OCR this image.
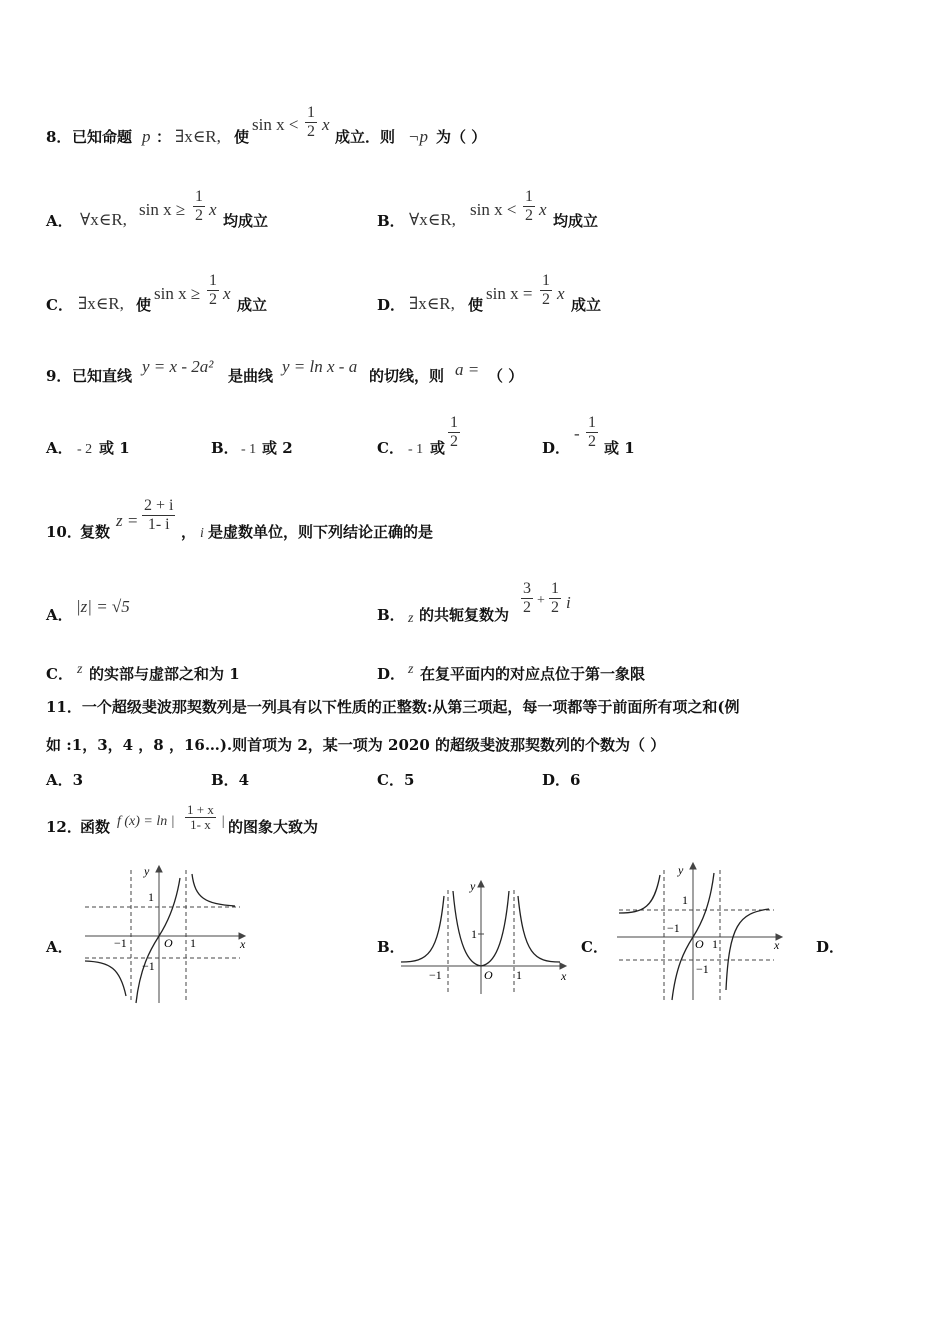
8． 已知命题 p ： ∃x∈R, 使
$\sin x < \frac{1}{2}$ x
成立．则 ¬p 为（ ）
A． ∀x∈R,
$\sin x \ge \frac{1}{2}$ x
均成立	B． ∀x∈R,
$\sin x < \frac{1}{2}$ x
均成立
C． ∃x∈R, 使
$\sin x \ge \frac{1}{2}$ x
成立	D． ∃x∈R, 使
$\sin x = \frac{1}{2}$ x
成立
9． 已知直线 y = x - 2a² 是曲线 y = ln x - a 的切线，则 a = （ ）
A． - 2 或 1	B． - 1 或 2	C． - 1 或 $\frac{1}{2}$	D．
- $\frac{1}{2}$ 或 1
10．
复数
$z = \frac{2 + i}{1- i}$ ， i 是虚数单位，则下列结论正确的是
A． |z| = √5	B． z 的共轭复数为 $\frac{3}{2} + \frac{1}{2}$ i
C． z 的实部与虚部之和为 1	D． z 在复平面内的对应点位于第一象限
11．一个超级斐波那契数列是一列具有以下性质的正整数:从第三项起，每一项都等于前面所有项之和(例
如 :1，3，4 ，8 ，16…).则首项为 2，某一项为 2020 的超级斐波那契数列的个数为（ ）
A．3	B．4	C．5	D．6
12．
函数 f (x) = ln | $\frac{1 + x}{1- x}$ | 的图象大致为
A．	B．	C．	D．
y
x
O 1
−1
1
−1
y
x
O 1
−1
1
y
x
O 1
−1
1
−1
